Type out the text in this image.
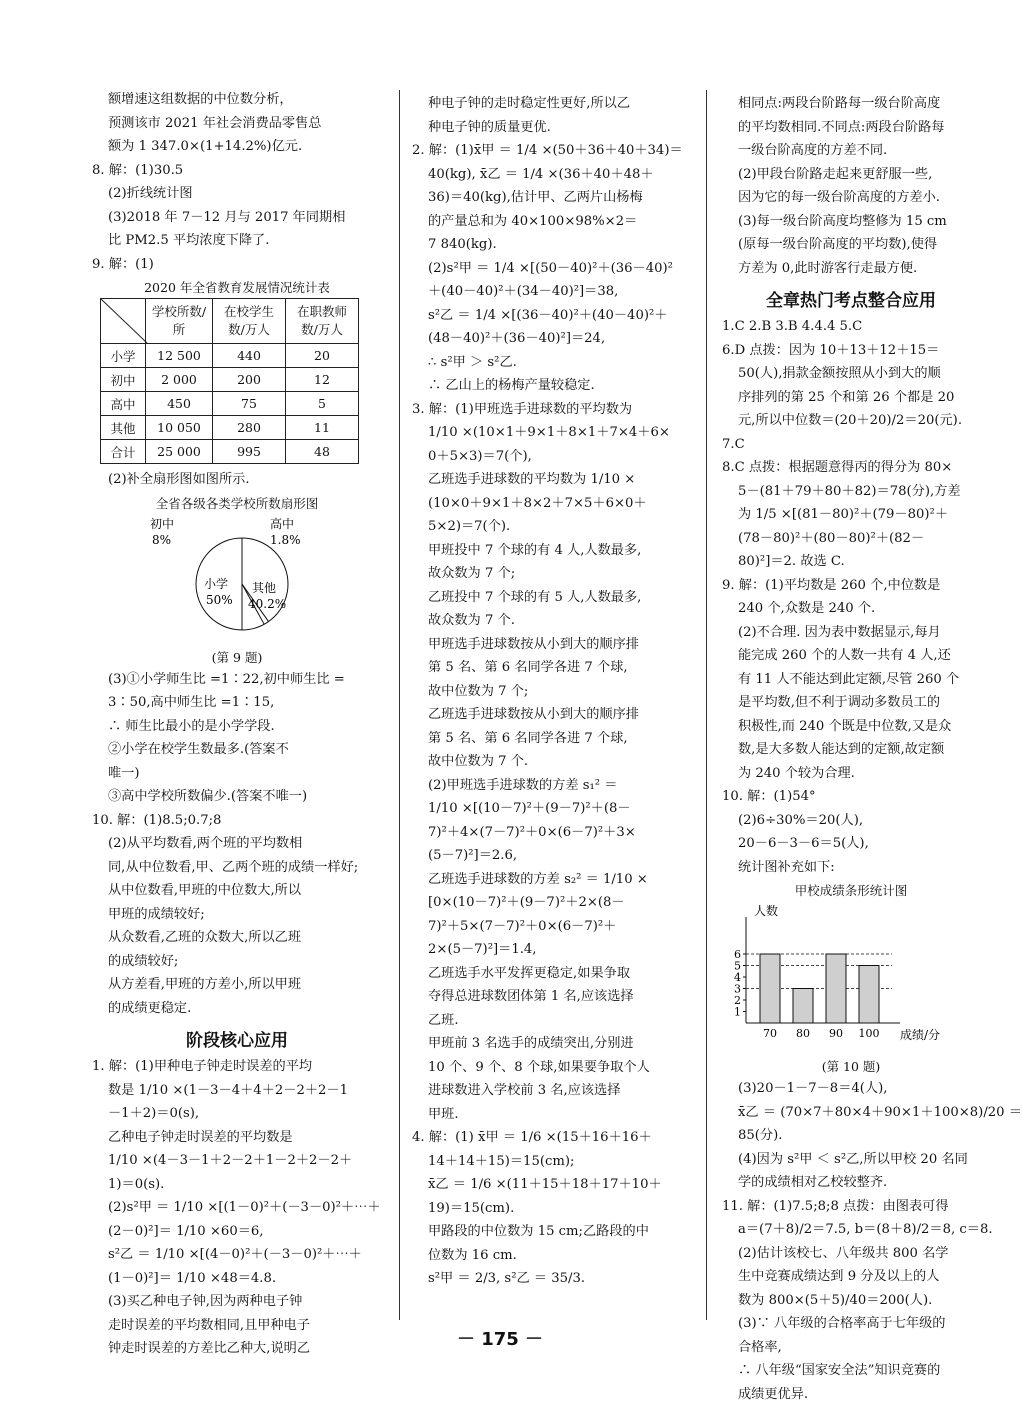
额增速这组数据的中位数分析，

预测该市 2021 年社会消费品零售总

额为 1 347.0×(1+14.2%)亿元.

8. 解：(1)30.5

(2)折线统计图

(3)2018 年 7－12 月与 2017 年同期相

比 PM2.5 平均浓度下降了.

9. 解：(1)

2020 年全省教育发展情况统计表
	学校所数/所	在校学生数/万人	在职教师数/万人
小学	12 500	440	20
初中	2 000	200	12
高中	450	75	5
其他	10 050	280	11
合计	25 000	995	48

(2)补全扇形图如图所示.

全省各级各类学校所数扇形图
初中
8%
高中
1.8%
小学
50%
其他
40.2%
(第 9 题)

(3)①小学师生比 =1∶22,初中师生比 =

3∶50,高中师生比 =1∶15,

∴ 师生比最小的是小学学段.

②小学在校学生数最多.(答案不

唯一)

③高中学校所数偏少.(答案不唯一)

10. 解：(1)8.5;0.7;8

(2)从平均数看,两个班的平均数相

同,从中位数看,甲、乙两个班的成绩一样好;

从中位数看,甲班的中位数大,所以

甲班的成绩较好;

从众数看,乙班的众数大,所以乙班

的成绩较好;

从方差看,甲班的方差小,所以甲班

的成绩更稳定.

阶段核心应用

1. 解：(1)甲种电子钟走时误差的平均

数是 1/10 ×(1－3－4＋4＋2－2＋2－1

－1＋2)＝0(s),

乙种电子钟走时误差的平均数是

1/10 ×(4－3－1＋2－2＋1－2＋2－2＋

1)＝0(s).

(2)s²甲 ＝ 1/10 ×[(1－0)²＋(－3－0)²＋⋯＋

(2－0)²]＝ 1/10 ×60＝6,

s²乙 ＝ 1/10 ×[(4－0)²＋(－3－0)²＋⋯＋

(1－0)²]＝ 1/10 ×48＝4.8.

(3)买乙种电子钟,因为两种电子钟

走时误差的平均数相同,且甲种电子

钟走时误差的方差比乙种大,说明乙

种电子钟的走时稳定性更好,所以乙

种电子钟的质量更优.

2. 解：(1)x̄甲 ＝ 1/4 ×(50＋36＋40＋34)＝

40(kg), x̄乙 ＝ 1/4 ×(36＋40＋48＋

36)＝40(kg),估计甲、乙两片山杨梅

的产量总和为 40×100×98%×2＝

7 840(kg).

(2)s²甲 ＝ 1/4 ×[(50－40)²＋(36－40)²

＋(40－40)²＋(34－40)²]＝38,

s²乙 ＝ 1/4 ×[(36－40)²＋(40－40)²＋

(48－40)²＋(36－40)²]＝24,

∴ s²甲 ＞ s²乙.

∴ 乙山上的杨梅产量较稳定.

3. 解：(1)甲班选手进球数的平均数为

1/10 ×(10×1＋9×1＋8×1＋7×4＋6×

0＋5×3)＝7(个),

乙班选手进球数的平均数为 1/10 ×

(10×0＋9×1＋8×2＋7×5＋6×0＋

5×2)＝7(个).

甲班投中 7 个球的有 4 人,人数最多,

故众数为 7 个;

乙班投中 7 个球的有 5 人,人数最多,

故众数为 7 个.

甲班选手进球数按从小到大的顺序排

第 5 名、第 6 名同学各进 7 个球,

故中位数为 7 个;

乙班选手进球数按从小到大的顺序排

第 5 名、第 6 名同学各进 7 个球,

故中位数为 7 个.

(2)甲班选手进球数的方差 s₁² ＝

1/10 ×[(10－7)²＋(9－7)²＋(8－

7)²＋4×(7－7)²＋0×(6－7)²＋3×

(5－7)²]＝2.6,

乙班选手进球数的方差 s₂² ＝ 1/10 ×

[0×(10－7)²＋(9－7)²＋2×(8－

7)²＋5×(7－7)²＋0×(6－7)²＋

2×(5－7)²]＝1.4,

乙班选手水平发挥更稳定,如果争取

夺得总进球数团体第 1 名,应该选择

乙班.

甲班前 3 名选手的成绩突出,分别进

10 个、9 个、8 个球,如果要争取个人

进球数进入学校前 3 名,应该选择

甲班.

4. 解：(1) x̄甲 ＝ 1/6 ×(15＋16＋16＋

14＋14＋15)＝15(cm);

x̄乙 ＝ 1/6 ×(11＋15＋18＋17＋10＋

19)＝15(cm).

甲路段的中位数为 15 cm;乙路段的中

位数为 16 cm.

s²甲 ＝ 2/3, s²乙 ＝ 35/3.

相同点:两段台阶路每一级台阶高度

的平均数相同.不同点:两段台阶路每

一级台阶高度的方差不同.

(2)甲段台阶路走起来更舒服一些,

因为它的每一级台阶高度的方差小.

(3)每一级台阶高度均整修为 15 cm

(原每一级台阶高度的平均数),使得

方差为 0,此时游客行走最方便.

全章热门考点整合应用

1.C 2.B 3.B 4.4.4 5.C

6.D 点拨：因为 10＋13＋12＋15＝

50(人),捐款金额按照从小到大的顺

序排列的第 25 个和第 26 个都是 20

元,所以中位数＝(20＋20)/2＝20(元).

7.C

8.C 点拨：根据题意得丙的得分为 80×

5－(81＋79＋80＋82)＝78(分),方差

为 1/5 ×[(81－80)²＋(79－80)²＋

(78－80)²＋(80－80)²＋(82－

80)²]＝2. 故选 C.

9. 解：(1)平均数是 260 个,中位数是

240 个,众数是 240 个.

(2)不合理. 因为表中数据显示,每月

能完成 260 个的人数一共有 4 人,还

有 11 人不能达到此定额,尽管 260 个

是平均数,但不利于调动多数员工的

积极性,而 240 个既是中位数,又是众

数,是大多数人能达到的定额,故定额

为 240 个较为合理.

10. 解：(1)54°

(2)6÷30%＝20(人),

20－6－3－6＝5(人),

统计图补充如下:

甲校成绩条形统计图
人数
成绩/分
1
2
3
4
5
6
70 80 90 100
(第 10 题)

(3)20－1－7－8＝4(人),

x̄乙 ＝ (70×7＋80×4＋90×1＋100×8)/20 ＝

85(分).

(4)因为 s²甲 ＜ s²乙,所以甲校 20 名同

学的成绩相对乙校较整齐.

11. 解：(1)7.5;8;8 点拨：由图表可得

a＝(7＋8)/2＝7.5, b＝(8＋8)/2＝8, c＝8.

(2)估计该校七、八年级共 800 名学

生中竞赛成绩达到 9 分及以上的人

数为 800×(5＋5)/40＝200(人).

(3)∵ 八年级的合格率高于七年级的

合格率,

∴ 八年级“国家安全法”知识竞赛的

成绩更优异.

－ 175 －
